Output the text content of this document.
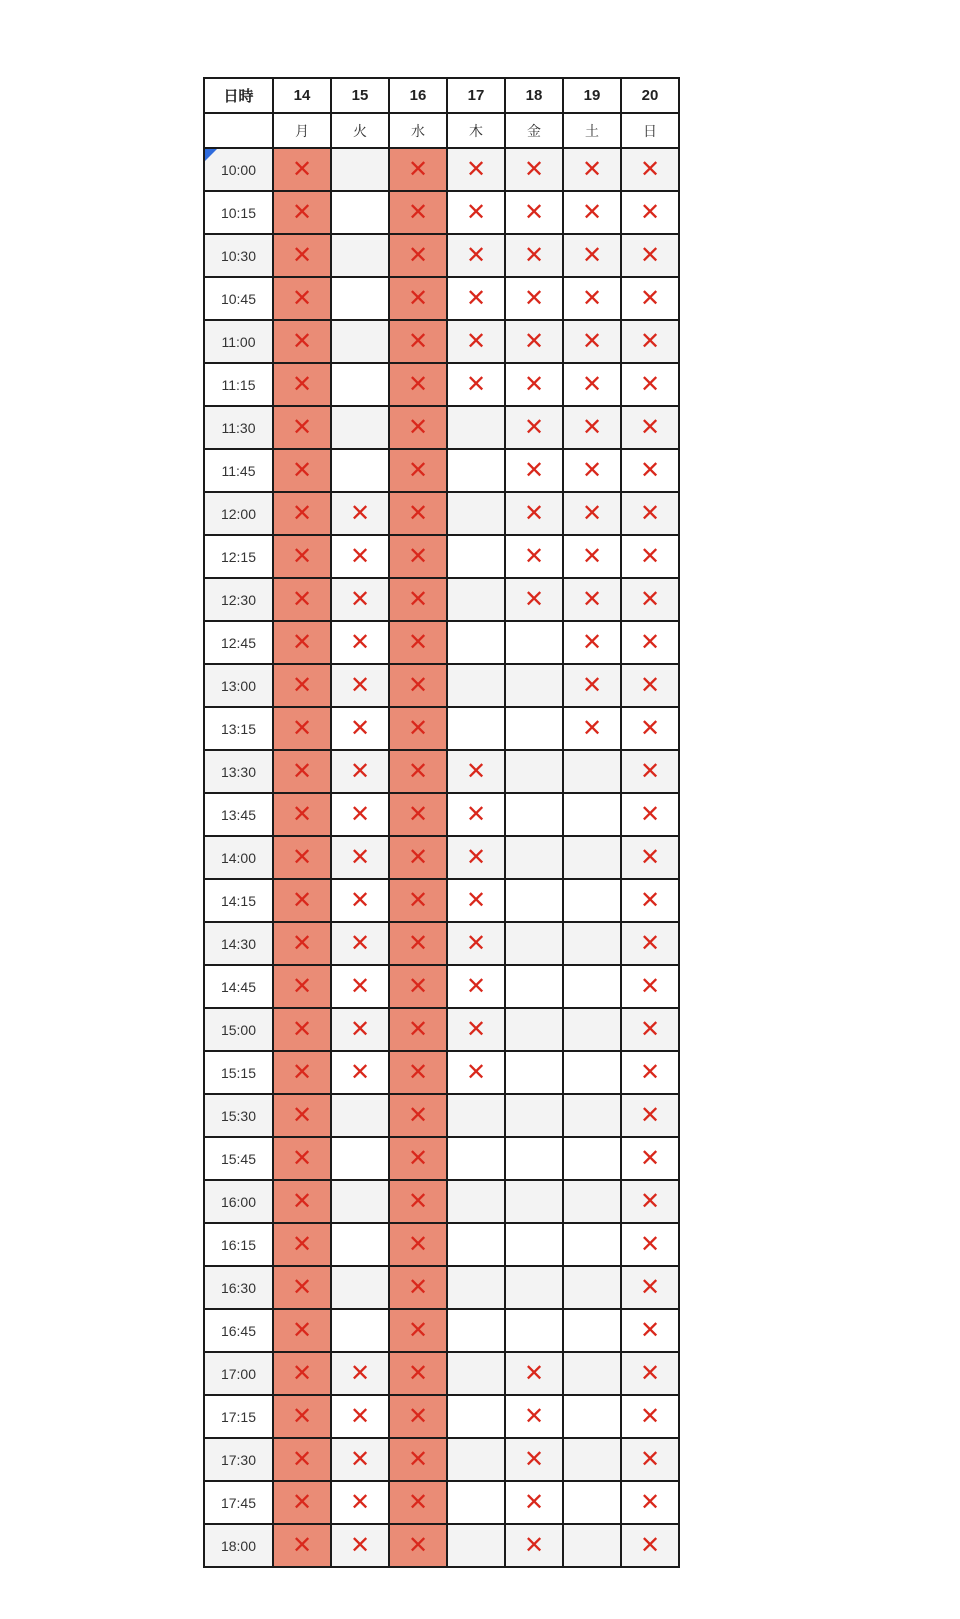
日時	14	15	16	17	18	19	20
	月	火	水	木	金	土	日

10:00	✕		✕	✕	✕	✕	✕
10:15	✕		✕	✕	✕	✕	✕
10:30	✕		✕	✕	✕	✕	✕
10:45	✕		✕	✕	✕	✕	✕
11:00	✕		✕	✕	✕	✕	✕
11:15	✕		✕	✕	✕	✕	✕
11:30	✕		✕		✕	✕	✕
11:45	✕		✕		✕	✕	✕
12:00	✕	✕	✕		✕	✕	✕
12:15	✕	✕	✕		✕	✕	✕
12:30	✕	✕	✕		✕	✕	✕
12:45	✕	✕	✕			✕	✕
13:00	✕	✕	✕			✕	✕
13:15	✕	✕	✕			✕	✕
13:30	✕	✕	✕	✕			✕
13:45	✕	✕	✕	✕			✕
14:00	✕	✕	✕	✕			✕
14:15	✕	✕	✕	✕			✕
14:30	✕	✕	✕	✕			✕
14:45	✕	✕	✕	✕			✕
15:00	✕	✕	✕	✕			✕
15:15	✕	✕	✕	✕			✕
15:30	✕		✕				✕
15:45	✕		✕				✕
16:00	✕		✕				✕
16:15	✕		✕				✕
16:30	✕		✕				✕
16:45	✕		✕				✕
17:00	✕	✕	✕		✕		✕
17:15	✕	✕	✕		✕		✕
17:30	✕	✕	✕		✕		✕
17:45	✕	✕	✕		✕		✕
18:00	✕	✕	✕		✕		✕
